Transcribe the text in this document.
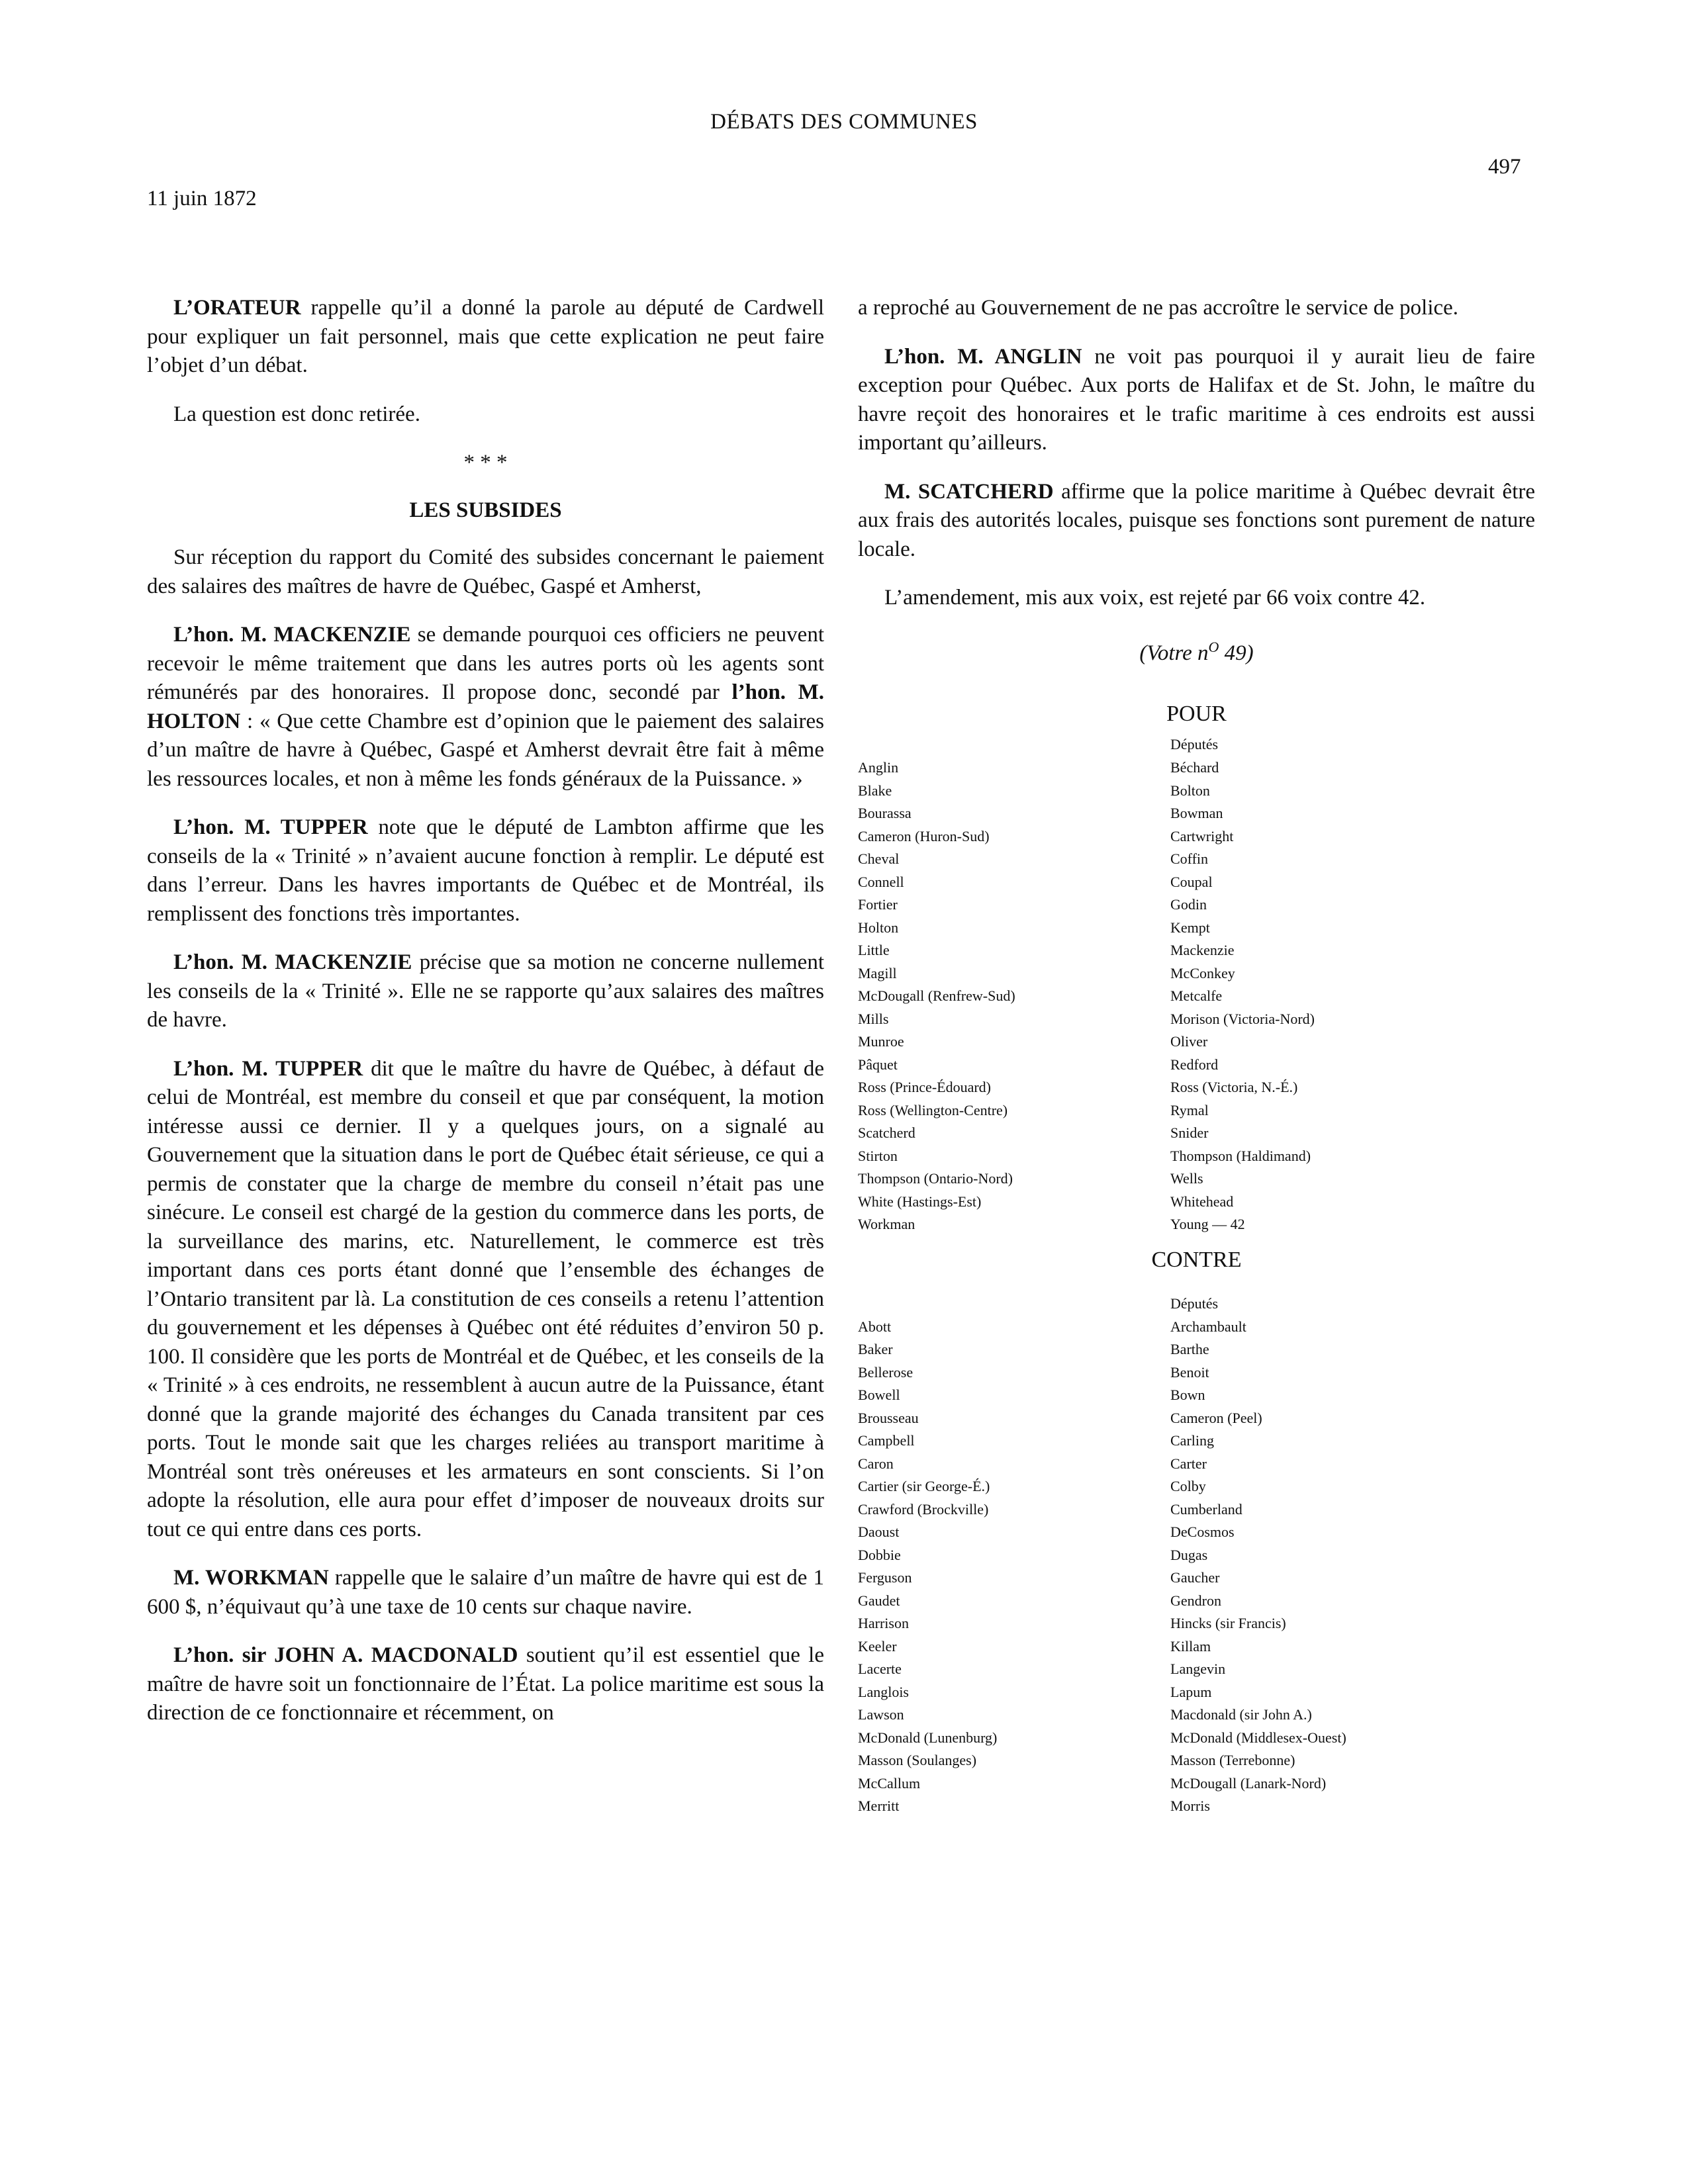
DÉBATS DES COMMUNES
497
11 juin 1872

L’ORATEUR rappelle qu’il a donné la parole au député de Cardwell pour expliquer un fait personnel, mais que cette explication ne peut faire l’objet d’un débat.

La question est donc retirée.

* * *
LES SUBSIDES

Sur réception du rapport du Comité des subsides concernant le paiement des salaires des maîtres de havre de Québec, Gaspé et Amherst,

L’hon. M. MACKENZIE se demande pourquoi ces officiers ne peuvent recevoir le même traitement que dans les autres ports où les agents sont rémunérés par des honoraires. Il propose donc, secondé par l’hon. M. HOLTON : « Que cette Chambre est d’opinion que le paiement des salaires d’un maître de havre à Québec, Gaspé et Amherst devrait être fait à même les ressources locales, et non à même les fonds généraux de la Puissance. »

L’hon. M. TUPPER note que le député de Lambton affirme que les conseils de la « Trinité » n’avaient aucune fonction à remplir. Le député est dans l’erreur. Dans les havres importants de Québec et de Montréal, ils remplissent des fonctions très importantes.

L’hon. M. MACKENZIE précise que sa motion ne concerne nullement les conseils de la « Trinité ». Elle ne se rapporte qu’aux salaires des maîtres de havre.

L’hon. M. TUPPER dit que le maître du havre de Québec, à défaut de celui de Montréal, est membre du conseil et que par conséquent, la motion intéresse aussi ce dernier. Il y a quelques jours, on a signalé au Gouvernement que la situation dans le port de Québec était sérieuse, ce qui a permis de constater que la charge de membre du conseil n’était pas une sinécure. Le conseil est chargé de la gestion du commerce dans les ports, de la surveillance des marins, etc. Naturellement, le commerce est très important dans ces ports étant donné que l’ensemble des échanges de l’Ontario transitent par là. La constitution de ces conseils a retenu l’attention du gouvernement et les dépenses à Québec ont été réduites d’environ 50 p. 100. Il considère que les ports de Montréal et de Québec, et les conseils de la « Trinité » à ces endroits, ne ressemblent à aucun autre de la Puissance, étant donné que la grande majorité des échanges du Canada transitent par ces ports. Tout le monde sait que les charges reliées au transport maritime à Montréal sont très onéreuses et les armateurs en sont conscients. Si l’on adopte la résolution, elle aura pour effet d’imposer de nouveaux droits sur tout ce qui entre dans ces ports.

M. WORKMAN rappelle que le salaire d’un maître de havre qui est de 1 600 $, n’équivaut qu’à une taxe de 10 cents sur chaque navire.

L’hon. sir JOHN A. MACDONALD soutient qu’il est essentiel que le maître de havre soit un fonctionnaire de l’État. La police maritime est sous la direction de ce fonctionnaire et récemment, on

a reproché au Gouvernement de ne pas accroître le service de police.

L’hon. M. ANGLIN ne voit pas pourquoi il y aurait lieu de faire exception pour Québec. Aux ports de Halifax et de St. John, le maître du havre reçoit des honoraires et le trafic maritime à ces endroits est aussi important qu’ailleurs.

M. SCATCHERD affirme que la police maritime à Québec devrait être aux frais des autorités locales, puisque ses fonctions sont purement de nature locale.

L’amendement, mis aux voix, est rejeté par 66 voix contre 42.

(Votre $n^O$ 49)
POUR
Députés
Anglin	Béchard
Blake	Bolton
Bourassa	Bowman
Cameron (Huron-Sud)	Cartwright
Cheval	Coffin
Connell	Coupal
Fortier	Godin
Holton	Kempt
Little	Mackenzie
Magill	McConkey
McDougall (Renfrew-Sud)	Metcalfe
Mills	Morison (Victoria-Nord)
Munroe	Oliver
Pâquet	Redford
Ross (Prince-Édouard)	Ross (Victoria, N.-É.)
Ross (Wellington-Centre)	Rymal
Scatcherd	Snider
Stirton	Thompson (Haldimand)
Thompson (Ontario-Nord)	Wells
White (Hastings-Est)	Whitehead
Workman	Young — 42
CONTRE
Députés
Abott	Archambault
Baker	Barthe
Bellerose	Benoit
Bowell	Bown
Brousseau	Cameron (Peel)
Campbell	Carling
Caron	Carter
Cartier (sir George-É.)	Colby
Crawford (Brockville)	Cumberland
Daoust	DeCosmos
Dobbie	Dugas
Ferguson	Gaucher
Gaudet	Gendron
Harrison	Hincks (sir Francis)
Keeler	Killam
Lacerte	Langevin
Langlois	Lapum
Lawson	Macdonald (sir John A.)
McDonald (Lunenburg)	McDonald (Middlesex-Ouest)
Masson (Soulanges)	Masson (Terrebonne)
McCallum	McDougall (Lanark-Nord)
Merritt	Morris
